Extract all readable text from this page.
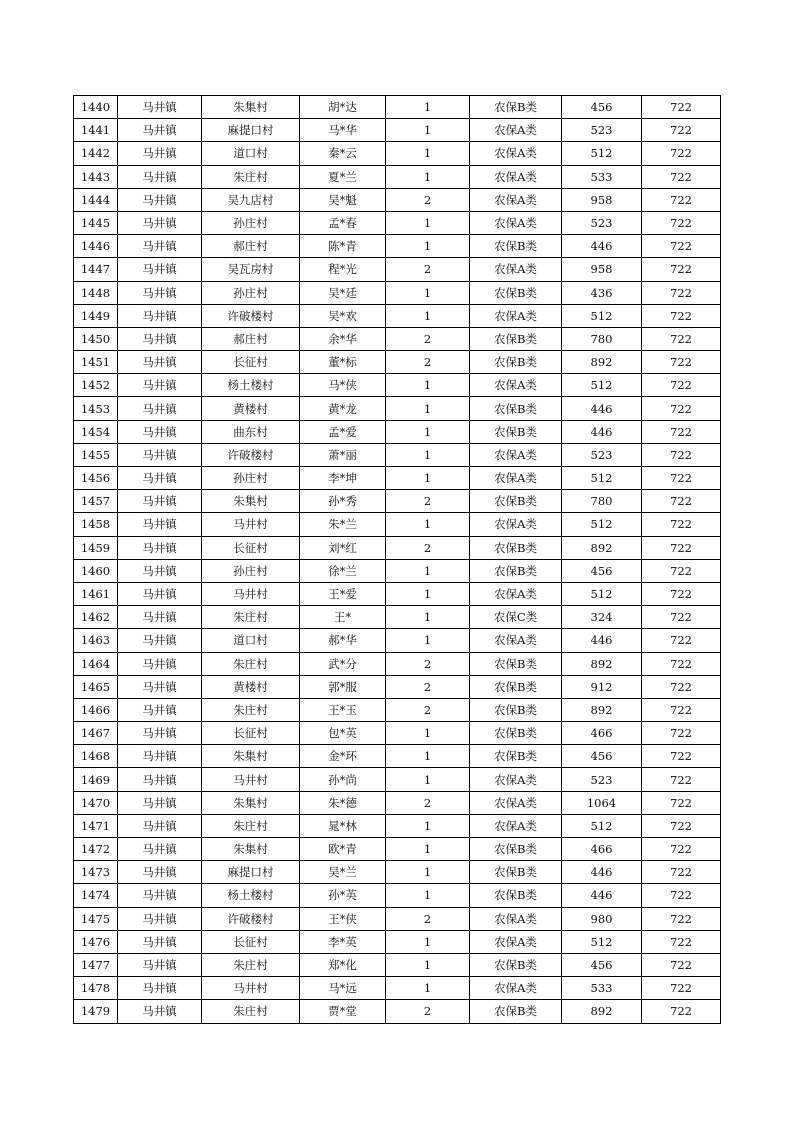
1440	马井镇	朱集村	胡*达	1	农保B类	456	722
1441	马井镇	麻提口村	马*华	1	农保A类	523	722
1442	马井镇	道口村	秦*云	1	农保A类	512	722
1443	马井镇	朱庄村	夏*兰	1	农保A类	533	722
1444	马井镇	吴九店村	吴*魁	2	农保A类	958	722
1445	马井镇	孙庄村	孟*春	1	农保A类	523	722
1446	马井镇	郝庄村	陈*青	1	农保B类	446	722
1447	马井镇	吴瓦房村	程*光	2	农保A类	958	722
1448	马井镇	孙庄村	吴*廷	1	农保B类	436	722
1449	马井镇	许破楼村	吴*欢	1	农保A类	512	722
1450	马井镇	郝庄村	余*华	2	农保B类	780	722
1451	马井镇	长征村	董*标	2	农保B类	892	722
1452	马井镇	杨土楼村	马*侠	1	农保A类	512	722
1453	马井镇	黄楼村	黄*龙	1	农保B类	446	722
1454	马井镇	曲东村	孟*爱	1	农保B类	446	722
1455	马井镇	许破楼村	萧*丽	1	农保A类	523	722
1456	马井镇	孙庄村	李*坤	1	农保A类	512	722
1457	马井镇	朱集村	孙*秀	2	农保B类	780	722
1458	马井镇	马井村	朱*兰	1	农保A类	512	722
1459	马井镇	长征村	刘*红	2	农保B类	892	722
1460	马井镇	孙庄村	徐*兰	1	农保B类	456	722
1461	马井镇	马井村	王*爱	1	农保A类	512	722
1462	马井镇	朱庄村	王*	1	农保C类	324	722
1463	马井镇	道口村	郝*华	1	农保A类	446	722
1464	马井镇	朱庄村	武*分	2	农保B类	892	722
1465	马井镇	黄楼村	郭*服	2	农保B类	912	722
1466	马井镇	朱庄村	王*玉	2	农保B类	892	722
1467	马井镇	长征村	包*英	1	农保B类	466	722
1468	马井镇	朱集村	金*环	1	农保B类	456	722
1469	马井镇	马井村	孙*尚	1	农保A类	523	722
1470	马井镇	朱集村	朱*德	2	农保A类	1064	722
1471	马井镇	朱庄村	晁*林	1	农保A类	512	722
1472	马井镇	朱集村	欧*青	1	农保B类	466	722
1473	马井镇	麻提口村	吴*兰	1	农保B类	446	722
1474	马井镇	杨土楼村	孙*英	1	农保B类	446	722
1475	马井镇	许破楼村	王*侠	2	农保A类	980	722
1476	马井镇	长征村	李*英	1	农保A类	512	722
1477	马井镇	朱庄村	郑*化	1	农保B类	456	722
1478	马井镇	马井村	马*远	1	农保A类	533	722
1479	马井镇	朱庄村	贾*堂	2	农保B类	892	722
